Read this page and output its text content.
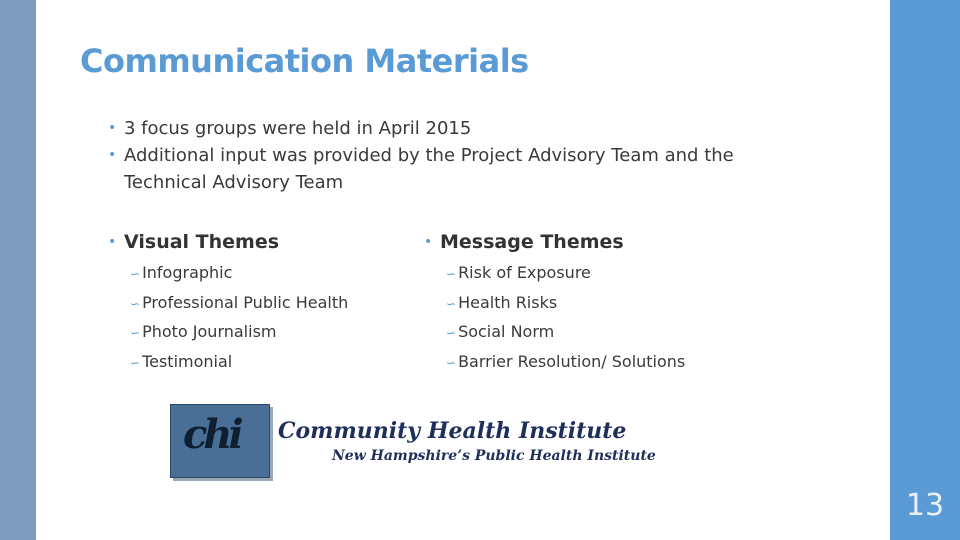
13
Communication Materials
• 3 focus groups were held in April 2015
• Additional input was provided by the Project Advisory Team and the Technical Advisory Team
• Visual Themes
∽ Infographic
∽ Professional Public Health
∽ Photo Journalism
∽ Testimonial
• Message Themes
∽ Risk of Exposure
∽ Health Risks
∽ Social Norm
∽ Barrier Resolution/ Solutions
chi Community Health Institute
New Hampshire’s Public Health Institute
